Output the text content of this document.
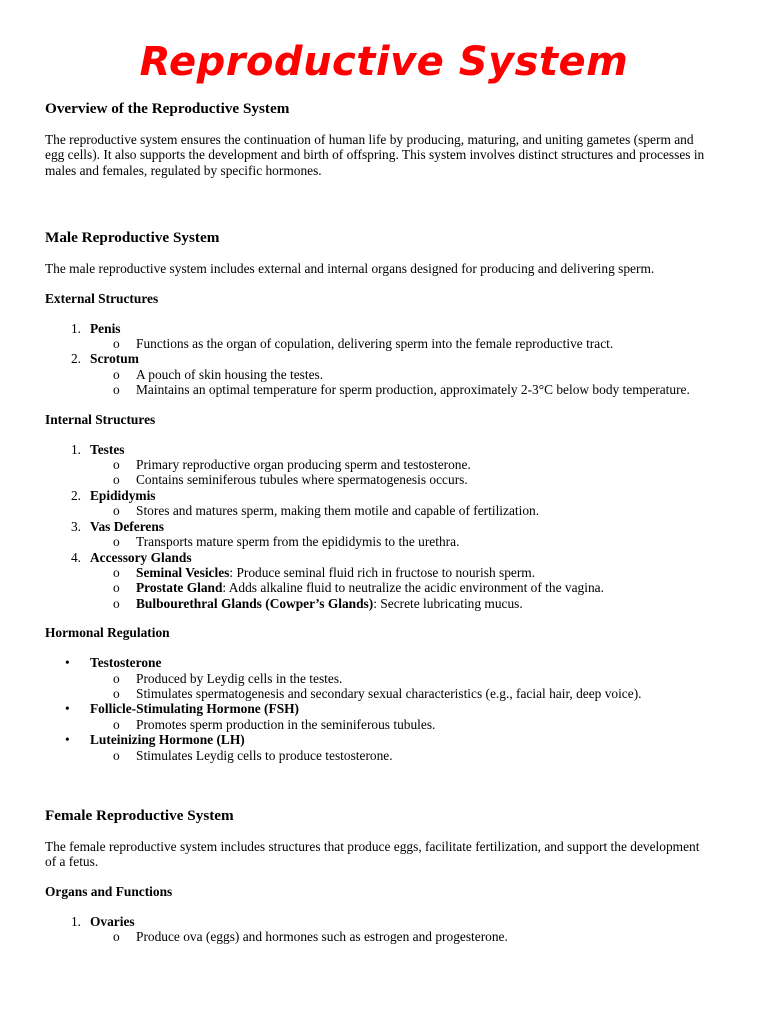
Reproductive System
Overview of the Reproductive System

The reproductive system ensures the continuation of human life by producing, maturing, and uniting gametes (sperm and egg cells). It also supports the development and birth of offspring. This system involves distinct structures and processes in males and females, regulated by specific hormones.

Male Reproductive System

The male reproductive system includes external and internal organs designed for producing and delivering sperm.

External Structures
1. Penis
o Functions as the organ of copulation, delivering sperm into the female reproductive tract.
2. Scrotum
o A pouch of skin housing the testes.
o Maintains an optimal temperature for sperm production, approximately 2-3°C below body temperature.
Internal Structures
1. Testes
o Primary reproductive organ producing sperm and testosterone.
o Contains seminiferous tubules where spermatogenesis occurs.
2. Epididymis
o Stores and matures sperm, making them motile and capable of fertilization.
3. Vas Deferens
o Transports mature sperm from the epididymis to the urethra.
4. Accessory Glands
o Seminal Vesicles: Produce seminal fluid rich in fructose to nourish sperm.
o Prostate Gland: Adds alkaline fluid to neutralize the acidic environment of the vagina.
o Bulbourethral Glands (Cowper’s Glands): Secrete lubricating mucus.
Hormonal Regulation
• Testosterone
o Produced by Leydig cells in the testes.
o Stimulates spermatogenesis and secondary sexual characteristics (e.g., facial hair, deep voice).
• Follicle-Stimulating Hormone (FSH)
o Promotes sperm production in the seminiferous tubules.
• Luteinizing Hormone (LH)
o Stimulates Leydig cells to produce testosterone.
Female Reproductive System

The female reproductive system includes structures that produce eggs, facilitate fertilization, and support the development of a fetus.

Organs and Functions
1. Ovaries
o Produce ova (eggs) and hormones such as estrogen and progesterone.
